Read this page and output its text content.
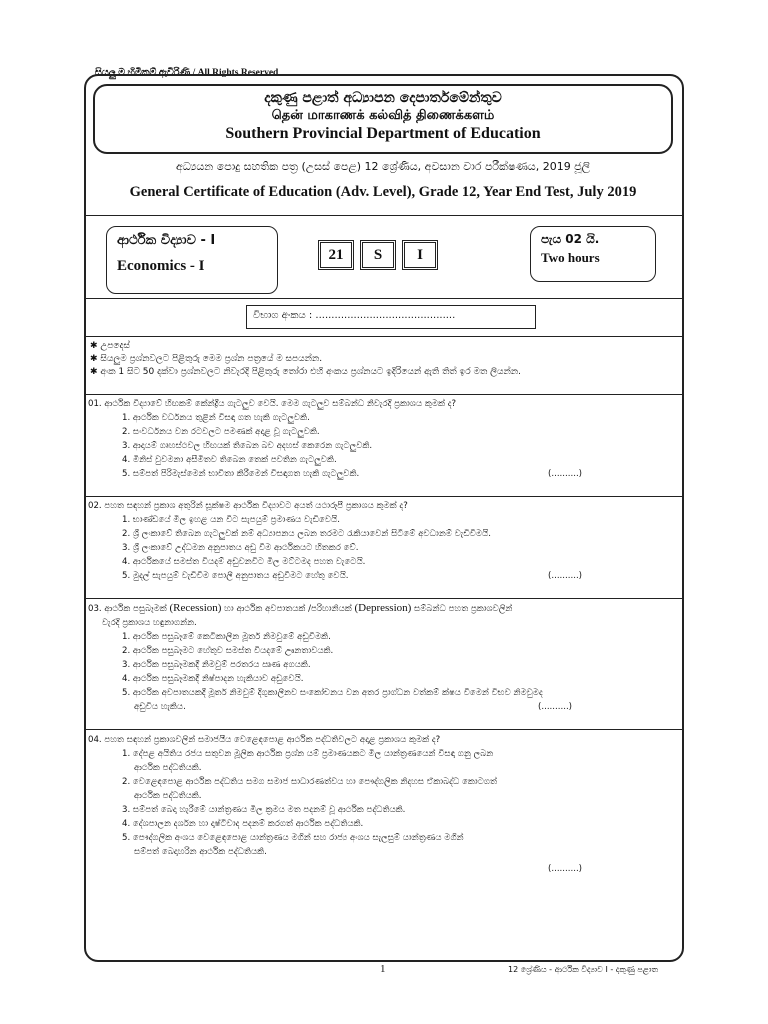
සියලු ම හිමිකම් ඇවිරිණි / All Rights Reserved
දකුණු පළාත් අධ්‍යාපන දෙපාර්තමේන්තුව
தென் மாகாணக் கல்வித் திணைக்களம்
Southern Provincial Department of Education
අධ්‍යයන පොදු සහතික පත්‍ර (උසස් පෙළ) 12 ශ්‍රේණිය, අවසාන වාර පරීක්ෂණය, 2019 ජූලි
General Certificate of Education (Adv. Level), Grade 12, Year End Test, July 2019
ආර්ථික විද්‍යාව - I
Economics - I
21	S	I
පැය 02 යි.
Two hours
විභාග අංකය : ............................................
✱ උපදෙස්
✱ සියලුම ප්‍රශ්නවලට පිළිතුරු මෙම ප්‍රශ්න පත්‍රයේ ම සපයන්න.
✱ අංක 1 සිට 50 දක්වා ප්‍රශ්නවලට නිවැරදි පිළිතුරු තෝරා එහි අංකය ප්‍රශ්නයට ඉදිරියෙන් ඇති තිත් ඉර මත ලියන්න.
01. ආර්ථික විද්‍යාවේ හිඟකම් කේන්ද්‍රීය ගැටලුව වෙයි. මෙම ගැටලුව සම්බන්ධ නිවැරදි ප්‍රකාශය කුමක් ද?
1. ආර්ථික වර්ධනය තුළින් විසඳා ගත හැකි ගැටලුවකි.
2. සංවර්ධනය වන රටවලට පමණක් අදාළ වූ ගැටලුවකි.
3. ආදායම් ගෘහස්ථවල හිඟයක් තිබෙන බව අදහස් කෙරෙන ගැටලුවකි.
4. මිනිස් වුවමනා අසීමිතව තිබෙන තෙක් පවතින ගැටලුවකි.
5. සම්පත් පිරිමැස්මෙන් භාවිතා කිරීමෙන් විසඳාගත හැකි ගැටලුවකි.	(..........)
02. පහත සඳහන් ප්‍රකාශ අතුරින් සූක්ෂම ආර්ථික විද්‍යාවට අයත් යථාරූපී ප්‍රකාශය කුමක් ද?
1. භාණ්ඩයේ මිල ඉහළ යන විට සැපයුම් ප්‍රමාණය වැඩිවෙයි.
2. ශ්‍රී ලංකාවේ තිබෙන ගැටලුවක් නම් අධ්‍යාපනය ලබන තරමට රැකියාවෙන් සිටීමේ අවධානම් වැඩිවීමයි.
3. ශ්‍රී ලංකාවේ උද්ධමන අනුපාතය අඩු වීම ආර්ථිකයට හිතකර වේ.
4. ආර්ථිකයේ සමස්ත වියදම් අඩුවනවිට මිල මට්ටමද පහත වැටෙයි.
5. මුදල් සැපයුම් වැඩිවීම පොලී අනුපාතය අඩුවීමට හේතු වෙයි.	(..........)
03. ආර්ථික පසුබෑමක් (Recession) හා ආර්ථික අවපාතයක් /පරිහානියක් (Depression) සම්බන්ධ පහත ප්‍රකාශවලින්
වැරදි ප්‍රකාශය හඳුනාගන්න.
1. ආර්ථික පසුබෑමේ කෙටිකාලීන මූර්ත නිමවුමේ අඩුවීමකි.
2. ආර්ථික පසුබෑමට හේතුව සමස්ත වියදමේ ඌනතාවයකි.
3. ආර්ථික පසුබෑමකදී නිමවුම් පරතරය ඍණ අගයකි.
4. ආර්ථික පසුබෑමකදී නිෂ්පාදන හැකියාව අඩුවෙයි.
5. ආර්ථික අවපාතයකදී මූර්ත නිමවුම් දිගුකාලීනව සංකෝචනය වන අතර ප්‍රාග්ධන වත්කම් ක්ෂය වීමෙන් විභව නිමවුමද
අඩුවිය හැකිය.	(..........)
04. පහත සඳහන් ප්‍රකාශවලින් සමාජයීය වෙළෙඳපොළ ආර්ථික පද්ධතිවලට අදාළ ප්‍රකාශය කුමක් ද?
1. දේපළ අයිතිය රජය සතුවන මූලික ආර්ථික ප්‍රශ්න යම් ප්‍රමාණයකට මිල යාන්ත්‍රණයෙන් විසඳා ගනු ලබන
ආර්ථික පද්ධතියකි.
2. වෙළෙඳපොළ ආර්ථික පද්ධතිය සමග සමාජ සාධාරණත්වය හා පෞද්ගලික නිදහස ඒකාබද්ධ කොටගත්
ආර්ථික පද්ධතියකි.
3. සම්පත් බෙදා හැරීමේ යාන්ත්‍රණය මිල ක්‍රමය මත පදනම් වූ ආර්ථික පද්ධතියකි.
4. දේශපාලන දර්ශන හා දෘෂ්ටිවාද පදනම් කරගත් ආර්ථික පද්ධතියකි.
5. පෞද්ගලික අංශය වෙළෙඳපොළ යාන්ත්‍රණය මගින් සහ රාජ්‍ය අංශය සැලසුම් යාන්ත්‍රණය මගින්
සම්පත් බෙදාහරින ආර්ථික පද්ධතියකි.
(..........)
1	12 ශ්‍රේණිය - ආර්ථික විද්‍යාව I - දකුණු පළාත
